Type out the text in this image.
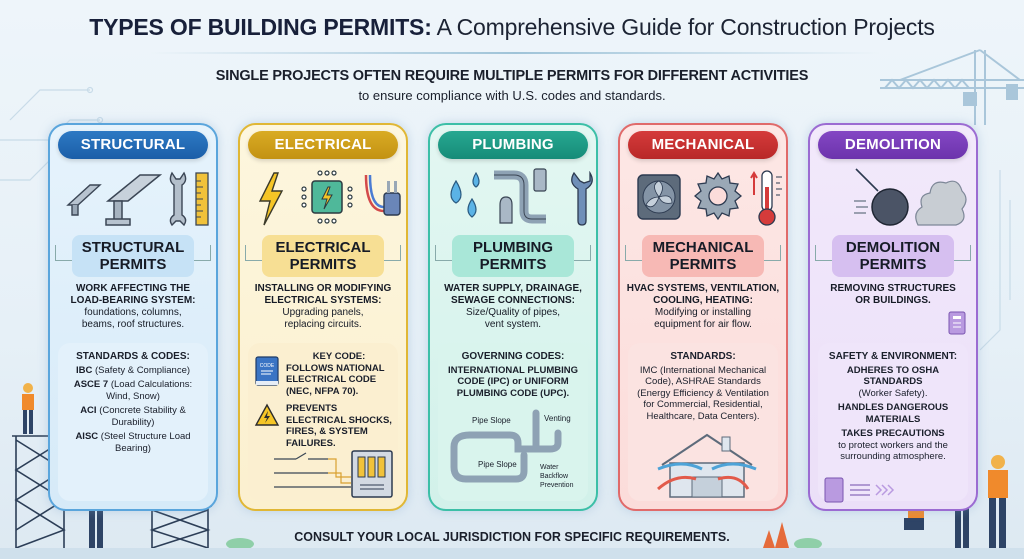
TYPES OF BUILDING PERMITS: A Comprehensive Guide for Construction Projects
SINGLE PROJECTS OFTEN REQUIRE MULTIPLE PERMITS FOR DIFFERENT ACTIVITIES
to ensure compliance with U.S. codes and standards.
STRUCTURAL
STRUCTURAL
PERMITS
WORK AFFECTING THE
LOAD-BEARING SYSTEM:
foundations, columns,
beams, roof structures.
STANDARDS & CODES:
IBC (Safety & Compliance)
ASCE 7 (Load Calculations: Wind, Snow)
ACI (Concrete Stability & Durability)
AISC (Steel Structure Load Bearing)
ELECTRICAL
ELECTRICAL
PERMITS
INSTALLING OR MODIFYING
ELECTRICAL SYSTEMS:
Upgrading panels,
replacing circuits.
CODE
KEY CODE:
FOLLOWS NATIONAL ELECTRICAL CODE (NEC, NFPA 70).
PREVENTS ELECTRICAL SHOCKS, FIRES, & SYSTEM FAILURES.
PLUMBING
PLUMBING
PERMITS
WATER SUPPLY, DRAINAGE,
SEWAGE CONNECTIONS:
Size/Quality of pipes,
vent system.
GOVERNING CODES:
INTERNATIONAL PLUMBING CODE (IPC) or UNIFORM PLUMBING CODE (UPC).
Pipe Slope	Venting
Pipe Slope	Water
Backflow
Prevention
MECHANICAL
MECHANICAL
PERMITS
HVAC SYSTEMS, VENTILATION,
COOLING, HEATING:
Modifying or installing
equipment for air flow.
STANDARDS:
IMC (International Mechanical Code), ASHRAE Standards (Energy Efficiency & Ventilation for Commercial, Residential, Healthcare, Data Centers).
DEMOLITION
DEMOLITION
PERMITS
REMOVING STRUCTURES
OR BUILDINGS.
SAFETY & ENVIRONMENT:
ADHERES TO OSHA STANDARDS
(Worker Safety).
HANDLES DANGEROUS MATERIALS
TAKES PRECAUTIONS
to protect workers and the surrounding atmosphere.
CONSULT YOUR LOCAL JURISDICTION FOR SPECIFIC REQUIREMENTS.
